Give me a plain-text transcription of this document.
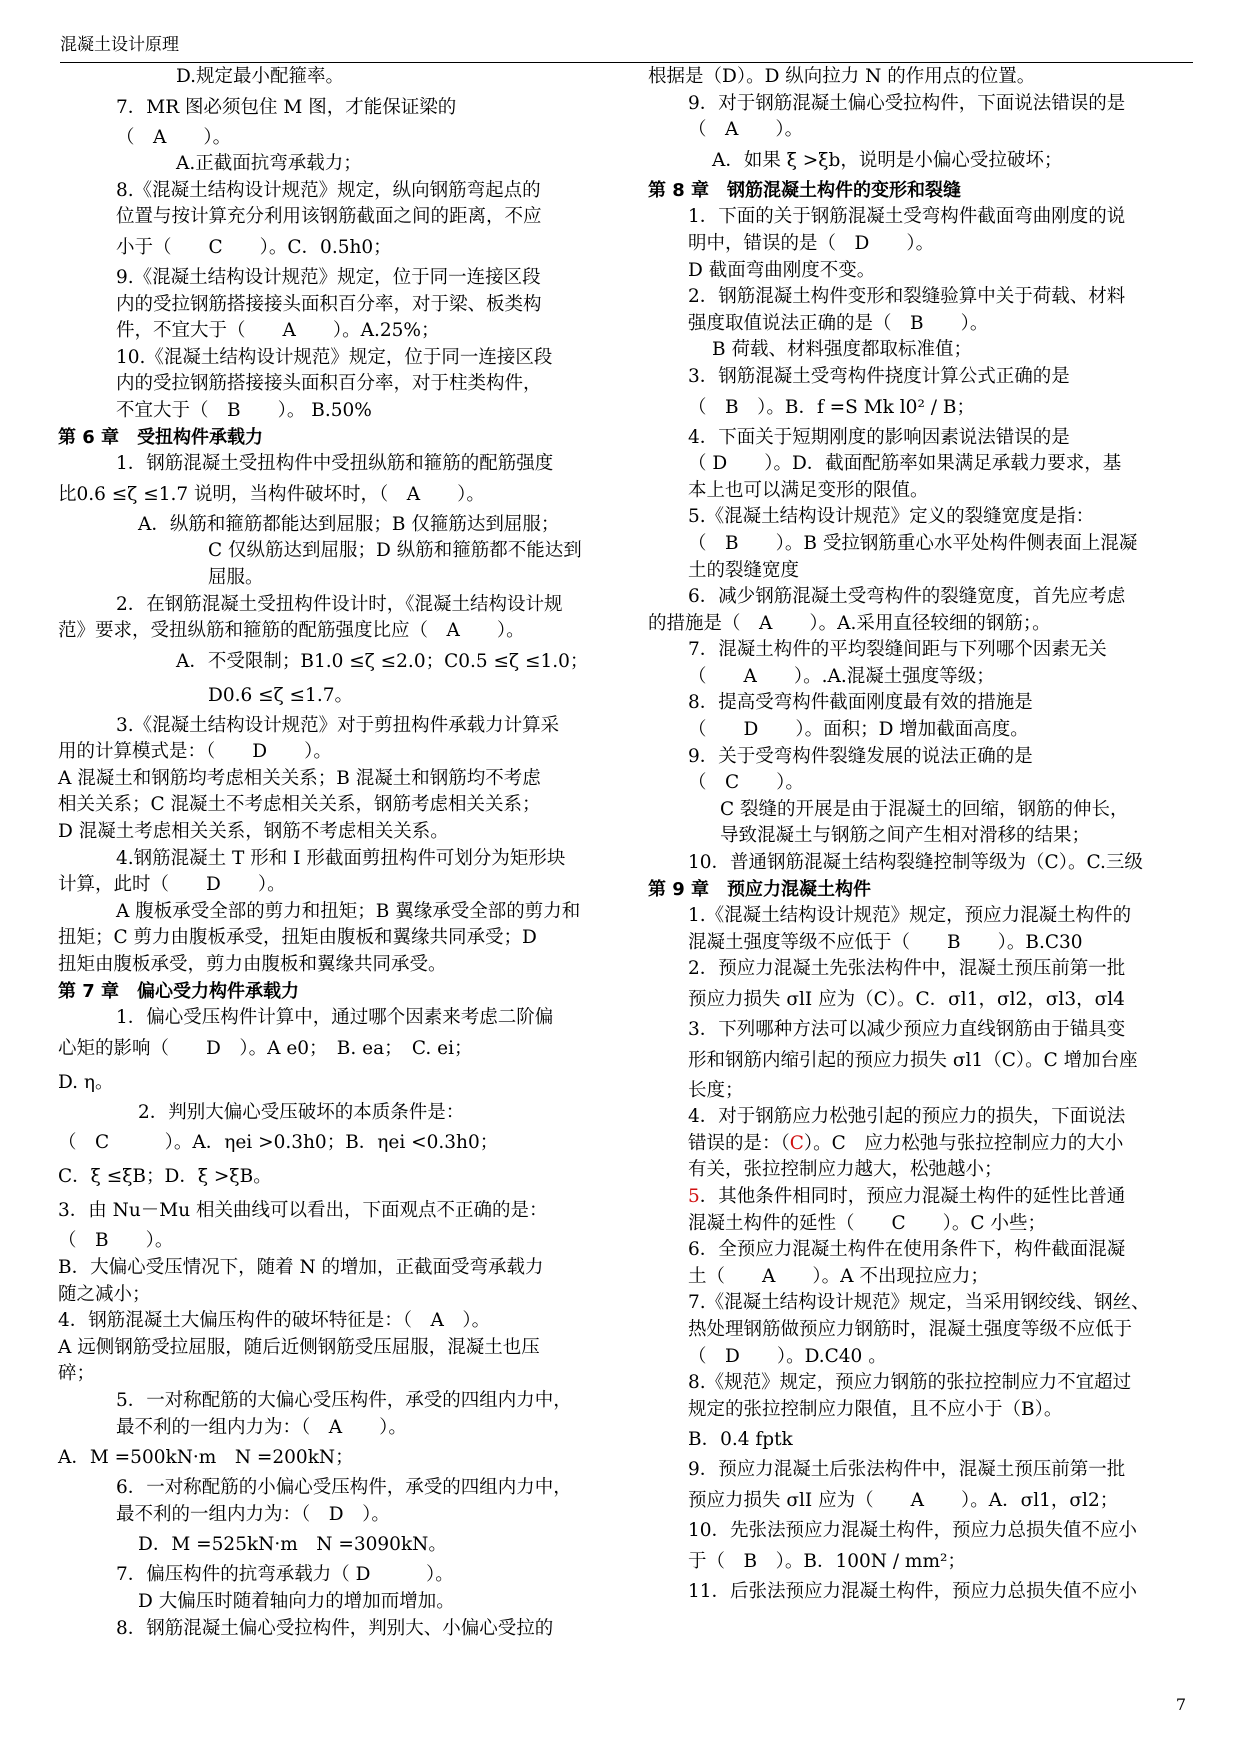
混凝土设计原理

D.规定最小配箍率。

7．MR 图必须包住 M 图，才能保证梁的

（　A　　）。

A.正截面抗弯承载力；

8.《混凝土结构设计规范》规定，纵向钢筋弯起点的

位置与按计算充分利用该钢筋截面之间的距离，不应

小于（　　C　　）。C．0.5h0；

9.《混凝土结构设计规范》规定，位于同一连接区段

内的受拉钢筋搭接接头面积百分率，对于梁、板类构

件，不宜大于（　　A　　）。A.25%；

10.《混凝土结构设计规范》规定，位于同一连接区段

内的受拉钢筋搭接接头面积百分率，对于柱类构件，

不宜大于（　B　　）。 B.50%

第 6 章　受扭构件承载力

1．钢筋混凝土受扭构件中受扭纵筋和箍筋的配筋强度

比0.6 ≤ζ ≤1.7 说明，当构件破坏时，（　A　　）。

A．纵筋和箍筋都能达到屈服；B 仅箍筋达到屈服；

C 仅纵筋达到屈服；D 纵筋和箍筋都不能达到

屈服。

2．在钢筋混凝土受扭构件设计时，《混凝土结构设计规

范》要求，受扭纵筋和箍筋的配筋强度比应（　A　　）。

A．不受限制；B1.0 ≤ζ ≤2.0；C0.5 ≤ζ ≤1.0；

D0.6 ≤ζ ≤1.7。

3.《混凝土结构设计规范》对于剪扭构件承载力计算采

用的计算模式是：（　　D　　）。

A 混凝土和钢筋均考虑相关关系；B 混凝土和钢筋均不考虑

相关关系；C 混凝土不考虑相关关系，钢筋考虑相关关系；

D 混凝土考虑相关关系，钢筋不考虑相关关系。

4.钢筋混凝土 T 形和 I 形截面剪扭构件可划分为矩形块

计算，此时（　　D　　）。

A 腹板承受全部的剪力和扭矩；B 翼缘承受全部的剪力和

扭矩；C 剪力由腹板承受，扭矩由腹板和翼缘共同承受；D

扭矩由腹板承受，剪力由腹板和翼缘共同承受。

第 7 章　偏心受力构件承载力

1．偏心受压构件计算中，通过哪个因素来考虑二阶偏

心矩的影响（　　D　）。A e0；　B. ea；　C. ei；

D. η。

2．判别大偏心受压破坏的本质条件是：

（　C　　　）。A．ηei >0.3h0；B．ηei <0.3h0；

C．ξ ≤ξB；D．ξ >ξB。

3．由 Nu－Mu 相关曲线可以看出，下面观点不正确的是：

（　B　　）。

B．大偏心受压情况下，随着 N 的增加，正截面受弯承载力

随之减小；

4．钢筋混凝土大偏压构件的破坏特征是：（　A　）。

A 远侧钢筋受拉屈服，随后近侧钢筋受压屈服，混凝土也压

碎；

5．一对称配筋的大偏心受压构件，承受的四组内力中，

最不利的一组内力为：（　A　　）。

A．M =500kN·m　N =200kN；

6．一对称配筋的小偏心受压构件，承受的四组内力中，

最不利的一组内力为：（　D　）。

D．M =525kN·m　N =3090kN。

7．偏压构件的抗弯承载力（ D　　　）。

D 大偏压时随着轴向力的增加而增加。

8．钢筋混凝土偏心受拉构件，判别大、小偏心受拉的

根据是（D）。D 纵向拉力 N 的作用点的位置。

9．对于钢筋混凝土偏心受拉构件，下面说法错误的是

（　A　　）。

A．如果 ξ >ξb，说明是小偏心受拉破坏；

第 8 章　钢筋混凝土构件的变形和裂缝

1．下面的关于钢筋混凝土受弯构件截面弯曲刚度的说

明中，错误的是（　D　　）。

D 截面弯曲刚度不变。

2．钢筋混凝土构件变形和裂缝验算中关于荷载、材料

强度取值说法正确的是（　B　　）。

B 荷载、材料强度都取标准值；

3．钢筋混凝土受弯构件挠度计算公式正确的是

（　B　）。B．f =S Mk l0² / B；

4．下面关于短期刚度的影响因素说法错误的是

（ D　　）。D．截面配筋率如果满足承载力要求，基

本上也可以满足变形的限值。

5.《混凝土结构设计规范》定义的裂缝宽度是指：

（　B　　）。B 受拉钢筋重心水平处构件侧表面上混凝

土的裂缝宽度

6．减少钢筋混凝土受弯构件的裂缝宽度，首先应考虑

的措施是（　A　　）。A.采用直径较细的钢筋；。

7．混凝土构件的平均裂缝间距与下列哪个因素无关

（　　A　　）。.A.混凝土强度等级；

8．提高受弯构件截面刚度最有效的措施是

（　　D　　）。面积；D 增加截面高度。

9．关于受弯构件裂缝发展的说法正确的是

（　C　　）。

C 裂缝的开展是由于混凝土的回缩，钢筋的伸长，

导致混凝土与钢筋之间产生相对滑移的结果；

10．普通钢筋混凝土结构裂缝控制等级为（C）。C.三级

第 9 章　预应力混凝土构件

1.《混凝土结构设计规范》规定，预应力混凝土构件的

混凝土强度等级不应低于（　　B　　）。B.C30

2．预应力混凝土先张法构件中，混凝土预压前第一批

预应力损失 σlI 应为（C）。C．σl1，σl2，σl3，σl4

3．下列哪种方法可以减少预应力直线钢筋由于锚具变

形和钢筋内缩引起的预应力损失 σl1（C）。C 增加台座

长度；

4．对于钢筋应力松弛引起的预应力的损失，下面说法

错误的是：（C）。C　应力松弛与张拉控制应力的大小

有关，张拉控制应力越大，松弛越小；

5．其他条件相同时，预应力混凝土构件的延性比普通

混凝土构件的延性（　　C　　）。C 小些；

6．全预应力混凝土构件在使用条件下，构件截面混凝

土（　　A　　）。A 不出现拉应力；

7.《混凝土结构设计规范》规定，当采用钢绞线、钢丝、

热处理钢筋做预应力钢筋时，混凝土强度等级不应低于

（　D　　）。D.C40 。

8.《规范》规定，预应力钢筋的张拉控制应力不宜超过

规定的张拉控制应力限值，且不应小于（B）。

B．0.4 fptk

9．预应力混凝土后张法构件中，混凝土预压前第一批

预应力损失 σlI 应为（　　A　　）。A．σl1，σl2；

10．先张法预应力混凝土构件，预应力总损失值不应小

于（　B　）。B．100N / mm²；

11．后张法预应力混凝土构件，预应力总损失值不应小

7
